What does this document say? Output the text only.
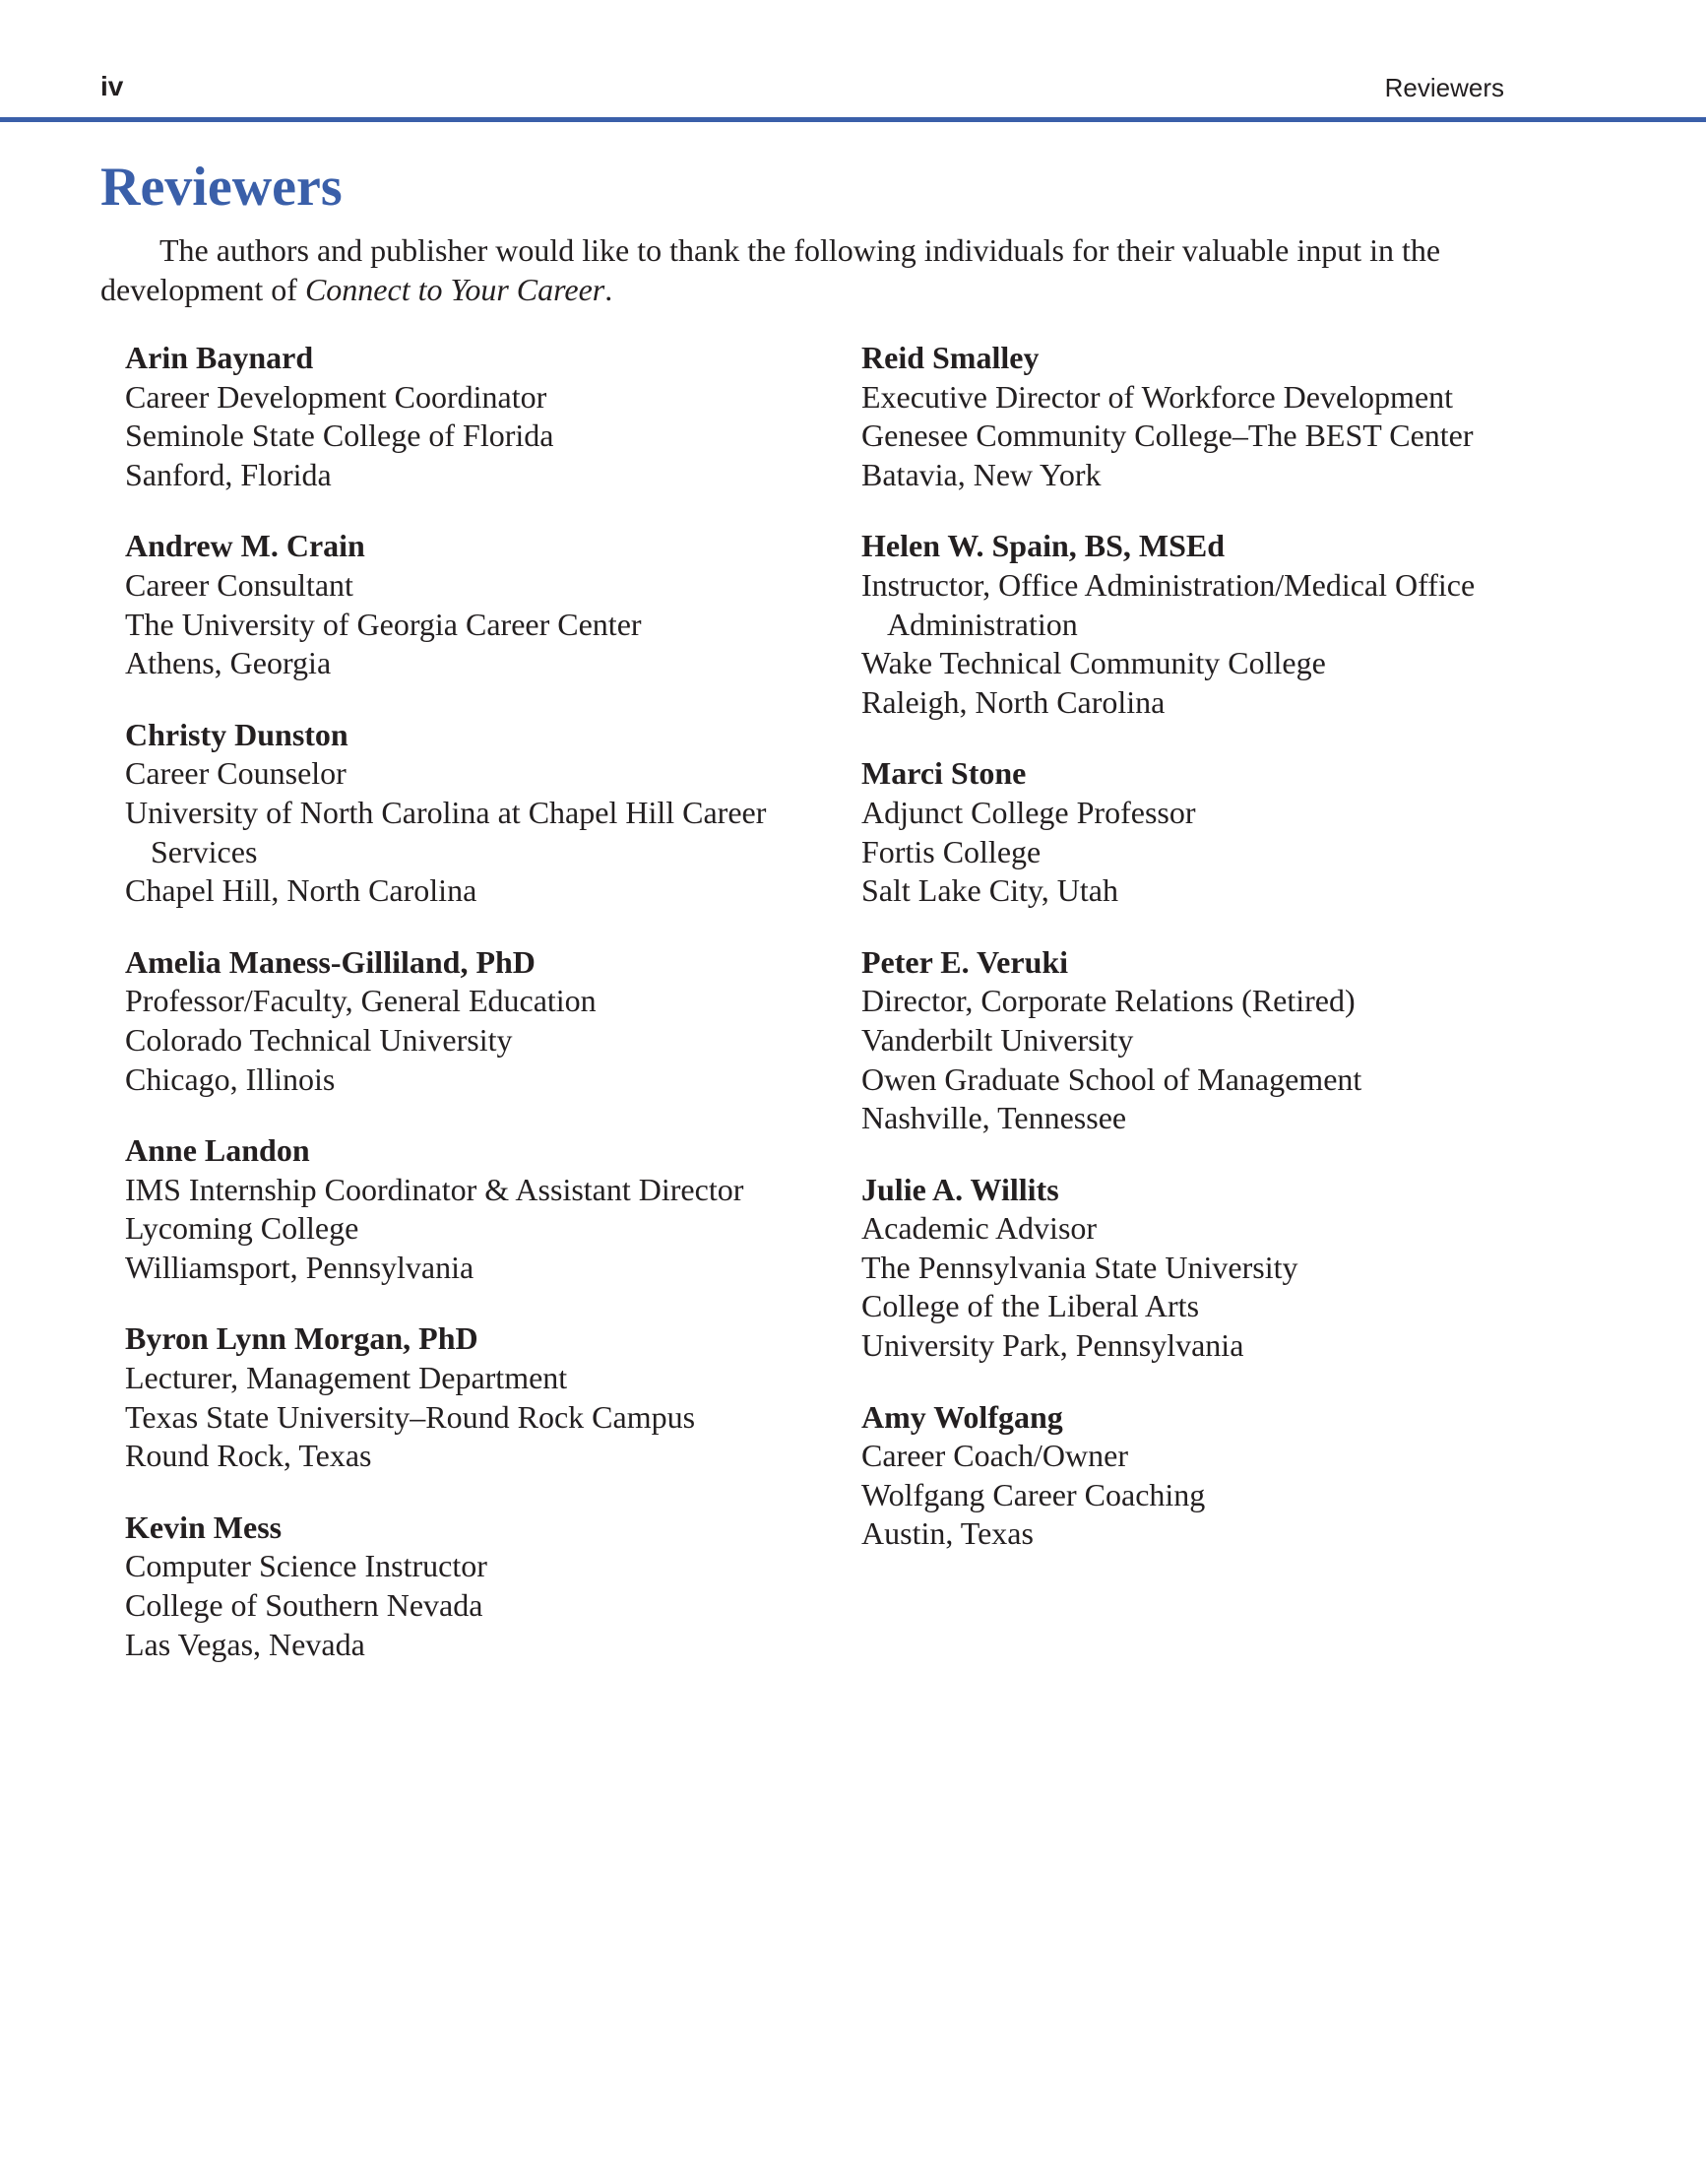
iv	Reviewers
Reviewers

The authors and publisher would like to thank the following individuals for their valuable input in the development of Connect to Your Career.

Arin Baynard
Career Development Coordinator
Seminole State College of Florida
Sanford, Florida
Andrew M. Crain
Career Consultant
The University of Georgia Career Center
Athens, Georgia
Christy Dunston
Career Counselor
University of North Carolina at Chapel Hill Career Services
Chapel Hill, North Carolina
Amelia Maness-Gilliland, PhD
Professor/Faculty, General Education
Colorado Technical University
Chicago, Illinois
Anne Landon
IMS Internship Coordinator & Assistant Director
Lycoming College
Williamsport, Pennsylvania
Byron Lynn Morgan, PhD
Lecturer, Management Department
Texas State University–Round Rock Campus
Round Rock, Texas
Kevin Mess
Computer Science Instructor
College of Southern Nevada
Las Vegas, Nevada
Reid Smalley
Executive Director of Workforce Development
Genesee Community College–The BEST Center
Batavia, New York
Helen W. Spain, BS, MSEd
Instructor, Office Administration/Medical Office Administration
Wake Technical Community College
Raleigh, North Carolina
Marci Stone
Adjunct College Professor
Fortis College
Salt Lake City, Utah
Peter E. Veruki
Director, Corporate Relations (Retired)
Vanderbilt University
Owen Graduate School of Management
Nashville, Tennessee
Julie A. Willits
Academic Advisor
The Pennsylvania State University
College of the Liberal Arts
University Park, Pennsylvania
Amy Wolfgang
Career Coach/Owner
Wolfgang Career Coaching
Austin, Texas
